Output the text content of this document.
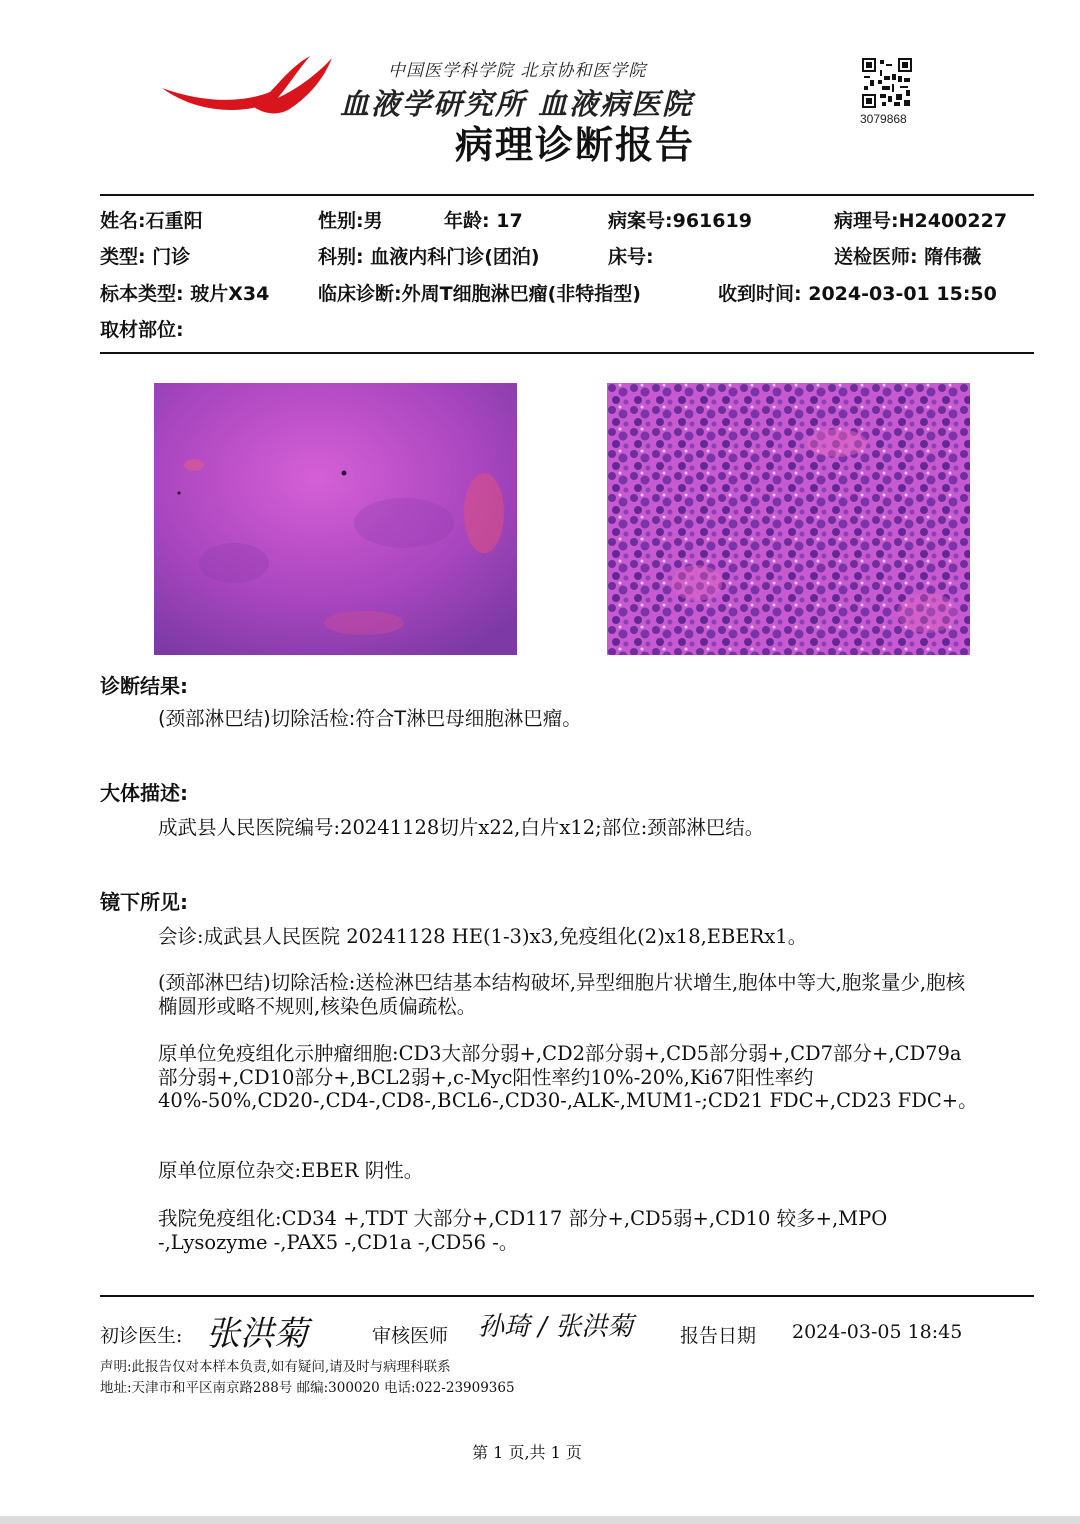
中国医学科学院 北京协和医学院
血液学研究所 血液病医院	3079868
病理诊断报告
姓名:石重阳	性别:男	年龄: 17	病案号:961619	病理号:H2400227
类型: 门诊	科别: 血液内科门诊(团泊)	床号:	送检医师: 隋伟薇
标本类型: 玻片X34	临床诊断:外周T细胞淋巴瘤(非特指型)	收到时间: 2024-03-01 15:50
取材部位:
诊断结果:
(颈部淋巴结)切除活检:符合T淋巴母细胞淋巴瘤。
大体描述:
成武县人民医院编号:20241128切片x22,白片x12;部位:颈部淋巴结。
镜下所见:
会诊:成武县人民医院 20241128 HE(1-3)x3,免疫组化(2)x18,EBERx1。
(颈部淋巴结)切除活检:送检淋巴结基本结构破坏,异型细胞片状增生,胞体中等大,胞浆量少,胞核椭圆形或略不规则,核染色质偏疏松。
原单位免疫组化示肿瘤细胞:CD3大部分弱+,CD2部分弱+,CD5部分弱+,CD7部分+,CD79a部分弱+,CD10部分+,BCL2弱+,c-Myc阳性率约10%-20%,Ki67阳性率约40%-50%,CD20-,CD4-,CD8-,BCL6-,CD30-,ALK-,MUM1-;CD21 FDC+,CD23 FDC+。
原单位原位杂交:EBER 阴性。
我院免疫组化:CD34 +,TDT 大部分+,CD117 部分+,CD5弱+,CD10 较多+,MPO -,Lysozyme -,PAX5 -,CD1a -,CD56 -。
初诊医生: 张洪菊	审核医师 孙琦 / 张洪菊 报告日期 2024-03-05 18:45
声明:此报告仅对本样本负责,如有疑问,请及时与病理科联系
地址:天津市和平区南京路288号 邮编:300020 电话:022-23909365
第 1 页,共 1 页
